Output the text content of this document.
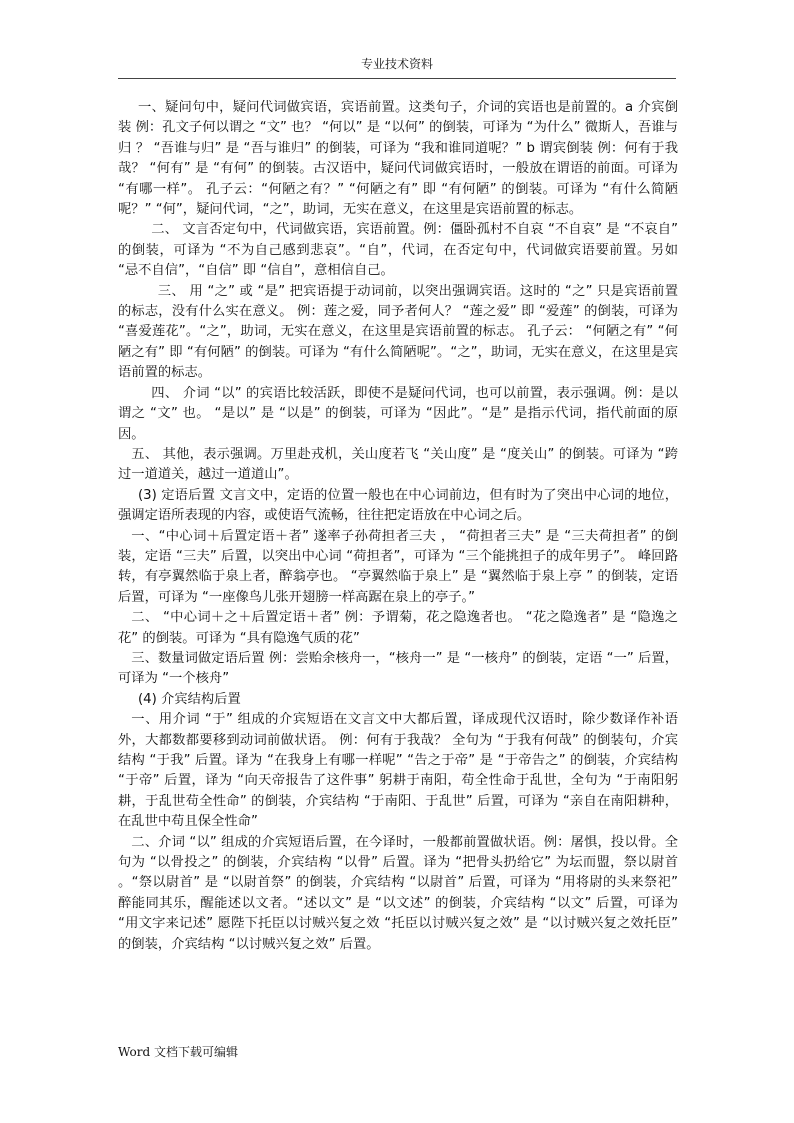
专业技术资料

一、疑问句中，疑问代词做宾语，宾语前置。这类句子，介词的宾语也是前置的。a 介宾倒装 例：孔文子何以谓之 “文” 也？ “何以” 是 “以何” 的倒装，可译为 “为什么” 微斯人，吾谁与归 ？ “吾谁与归” 是 “吾与谁归” 的倒装，可译为 “我和谁同道呢？” b 谓宾倒装 例：何有于我哉？ “何有” 是 “有何” 的倒装。古汉语中，疑问代词做宾语时，一般放在谓语的前面。可译为 “有哪一样”。 孔子云：“何陋之有？” “何陋之有” 即 “有何陋” 的倒装。可译为 “有什么简陋呢？” “何”，疑问代词，“之”，助词，无实在意义，在这里是宾语前置的标志。

二、 文言否定句中，代词做宾语，宾语前置。例：僵卧孤村不自哀 “不自哀” 是 “不哀自” 的倒装，可译为 “不为自己感到悲哀”。“自”，代词，在否定句中，代词做宾语要前置。另如 “忌不自信”，“自信” 即 “信自”，意相信自己。

三、 用 “之” 或 “是” 把宾语提于动词前，以突出强调宾语。这时的 “之” 只是宾语前置的标志，没有什么实在意义。 例：莲之爱，同予者何人？ “莲之爱” 即 “爱莲” 的倒装，可译为 “喜爱莲花”。“之”，助词，无实在意义，在这里是宾语前置的标志。 孔子云： “何陋之有” “何陋之有” 即 “有何陋” 的倒装。可译为 “有什么简陋呢”。“之”，助词，无实在意义，在这里是宾语前置的标志。

四、 介词 “以” 的宾语比较活跃，即使不是疑问代词，也可以前置，表示强调。例：是以谓之 “文” 也。 “是以” 是 “以是” 的倒装，可译为 “因此”。“是” 是指示代词，指代前面的原因。

五、 其他，表示强调。万里赴戎机，关山度若飞 “关山度” 是 “度关山” 的倒装。可译为 “跨过一道道关，越过一道道山”。

(3) 定语后置 文言文中，定语的位置一般也在中心词前边，但有时为了突出中心词的地位，强调定语所表现的内容，或使语气流畅，往往把定语放在中心词之后。

一、“中心词＋后置定语＋者” 遂率子孙荷担者三夫 ， “荷担者三夫” 是 “三夫荷担者” 的倒装，定语 “三夫” 后置，以突出中心词 “荷担者”，可译为 “三个能挑担子的成年男子”。 峰回路转，有亭翼然临于泉上者，醉翁亭也。 “亭翼然临于泉上” 是 “翼然临于泉上亭 ” 的倒装，定语后置，可译为 “一座像鸟儿张开翅膀一样高踞在泉上的亭子。”

二、 “中心词＋之＋后置定语＋者” 例：予谓菊，花之隐逸者也。 “花之隐逸者” 是 “隐逸之花” 的倒装。可译为 “具有隐逸气质的花”

三、数量词做定语后置 例：尝贻余核舟一，“核舟一” 是 “一核舟” 的倒装，定语 “一” 后置，可译为 “一个核舟”

(4) 介宾结构后置

一、用介词 “于” 组成的介宾短语在文言文中大都后置，译成现代汉语时，除少数译作补语外，大都数都要移到动词前做状语。 例：何有于我哉？ 全句为 “于我有何哉” 的倒装句，介宾结构 “于我” 后置。译为 “在我身上有哪一样呢” “告之于帝” 是 “于帝告之” 的倒装，介宾结构 “于帝” 后置，译为 “向天帝报告了这件事” 躬耕于南阳，苟全性命于乱世，全句为 “于南阳躬耕，于乱世苟全性命” 的倒装，介宾结构 “于南阳、于乱世” 后置，可译为 “亲自在南阳耕种，在乱世中苟且保全性命”

二、介词 “以” 组成的介宾短语后置，在今译时，一般都前置做状语。例：屠惧，投以骨。全句为 “以骨投之” 的倒装，介宾结构 “以骨” 后置。译为 “把骨头扔给它” 为坛而盟，祭以尉首 。“祭以尉首” 是 “以尉首祭” 的倒装，介宾结构 “以尉首” 后置，可译为 “用将尉的头来祭祀” 醉能同其乐，醒能述以文者。“述以文” 是 “以文述” 的倒装，介宾结构 “以文” 后置，可译为 “用文字来记述” 愿陛下托臣以讨贼兴复之效 “托臣以讨贼兴复之效” 是 “以讨贼兴复之效托臣” 的倒装，介宾结构 “以讨贼兴复之效” 后置。

Word 文档下载可编辑
